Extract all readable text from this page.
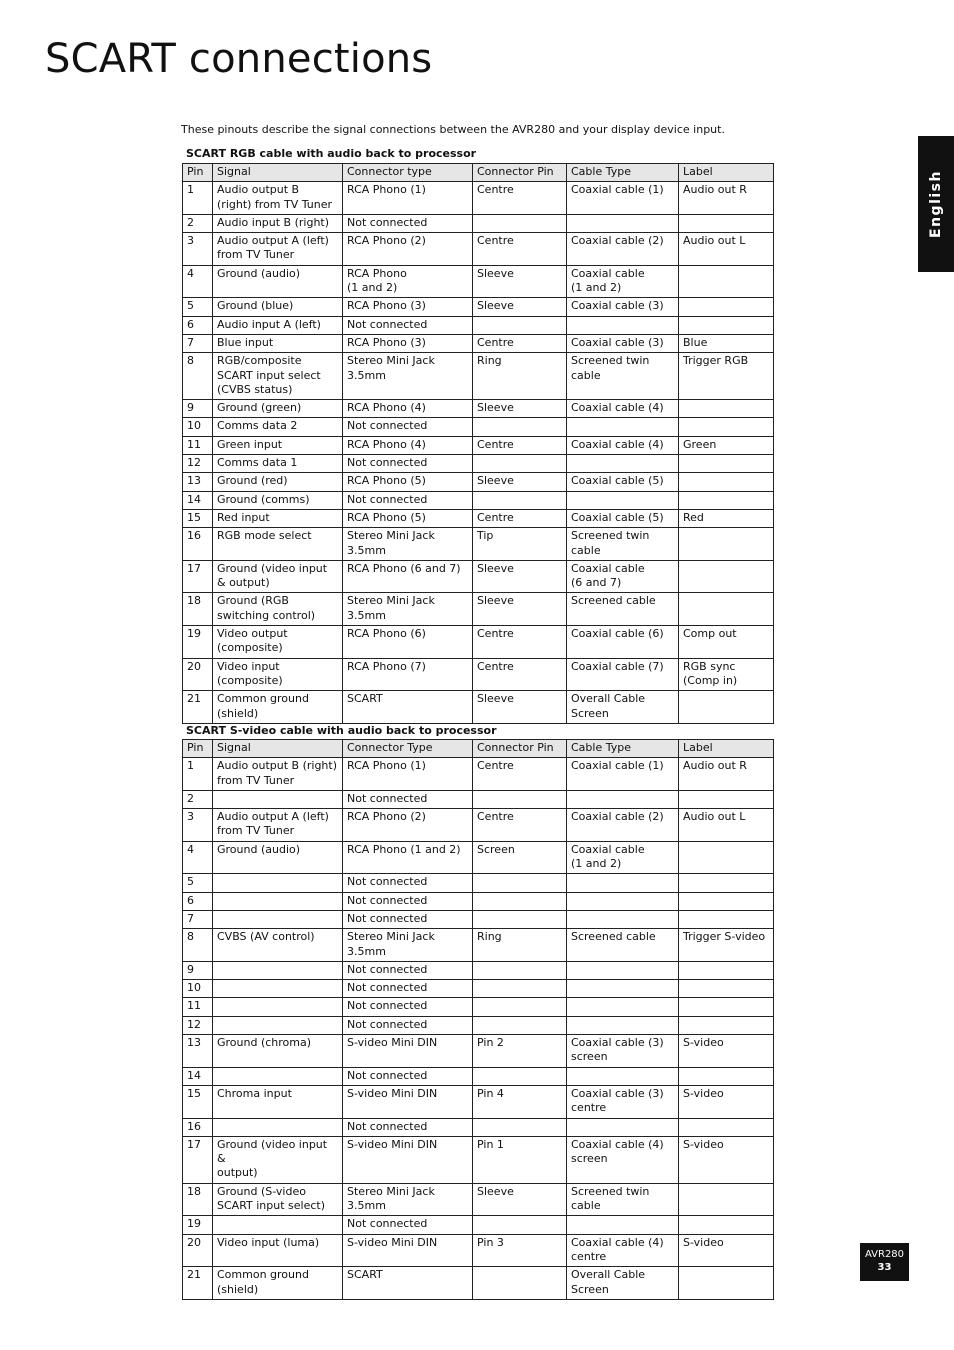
SCART connections

These pinouts describe the signal connections between the AVR280 and your display device input.

English

SCART RGB cable with audio back to processor

Pin	Signal	Connector type	Connector Pin	Cable Type	Label
1	Audio output B
(right) from TV Tuner	RCA Phono (1)	Centre	Coaxial cable (1)	Audio out R
2	Audio input B (right)	Not connected			
3	Audio output A (left)
from TV Tuner	RCA Phono (2)	Centre	Coaxial cable (2)	Audio out L
4	Ground (audio)	RCA Phono
(1 and 2)	Sleeve	Coaxial cable
(1 and 2)	
5	Ground (blue)	RCA Phono (3)	Sleeve	Coaxial cable (3)	
6	Audio input A (left)	Not connected			
7	Blue input	RCA Phono (3)	Centre	Coaxial cable (3)	Blue
8	RGB/composite
SCART input select
(CVBS status)	Stereo Mini Jack
3.5mm	Ring	Screened twin
cable	Trigger RGB
9	Ground (green)	RCA Phono (4)	Sleeve	Coaxial cable (4)	
10	Comms data 2	Not connected			
11	Green input	RCA Phono (4)	Centre	Coaxial cable (4)	Green
12	Comms data 1	Not connected			
13	Ground (red)	RCA Phono (5)	Sleeve	Coaxial cable (5)	
14	Ground (comms)	Not connected			
15	Red input	RCA Phono (5)	Centre	Coaxial cable (5)	Red
16	RGB mode select	Stereo Mini Jack
3.5mm	Tip	Screened twin
cable	
17	Ground (video input
& output)	RCA Phono (6 and 7)	Sleeve	Coaxial cable
(6 and 7)	
18	Ground (RGB
switching control)	Stereo Mini Jack
3.5mm	Sleeve	Screened cable	
19	Video output
(composite)	RCA Phono (6)	Centre	Coaxial cable (6)	Comp out
20	Video input
(composite)	RCA Phono (7)	Centre	Coaxial cable (7)	RGB sync
(Comp in)
21	Common ground
(shield)	SCART	Sleeve	Overall Cable
Screen	

SCART S-video cable with audio back to processor

Pin	Signal	Connector Type	Connector Pin	Cable Type	Label
1	Audio output B (right)
from TV Tuner	RCA Phono (1)	Centre	Coaxial cable (1)	Audio out R
2		Not connected			
3	Audio output A (left)
from TV Tuner	RCA Phono (2)	Centre	Coaxial cable (2)	Audio out L
4	Ground (audio)	RCA Phono (1 and 2)	Screen	Coaxial cable
(1 and 2)	
5		Not connected			
6		Not connected			
7		Not connected			
8	CVBS (AV control)	Stereo Mini Jack
3.5mm	Ring	Screened cable	Trigger S-video
9		Not connected			
10		Not connected			
11		Not connected			
12		Not connected			
13	Ground (chroma)	S-video Mini DIN	Pin 2	Coaxial cable (3)
screen	S-video
14		Not connected			
15	Chroma input	S-video Mini DIN	Pin 4	Coaxial cable (3)
centre	S-video
16		Not connected			
17	Ground (video input &
output)	S-video Mini DIN	Pin 1	Coaxial cable (4)
screen	S-video
18	Ground (S-video
SCART input select)	Stereo Mini Jack
3.5mm	Sleeve	Screened twin
cable	
19		Not connected			
20	Video input (luma)	S-video Mini DIN	Pin 3	Coaxial cable (4)
centre	S-video
21	Common ground
(shield)	SCART		Overall Cable
Screen	
AVR280
33
